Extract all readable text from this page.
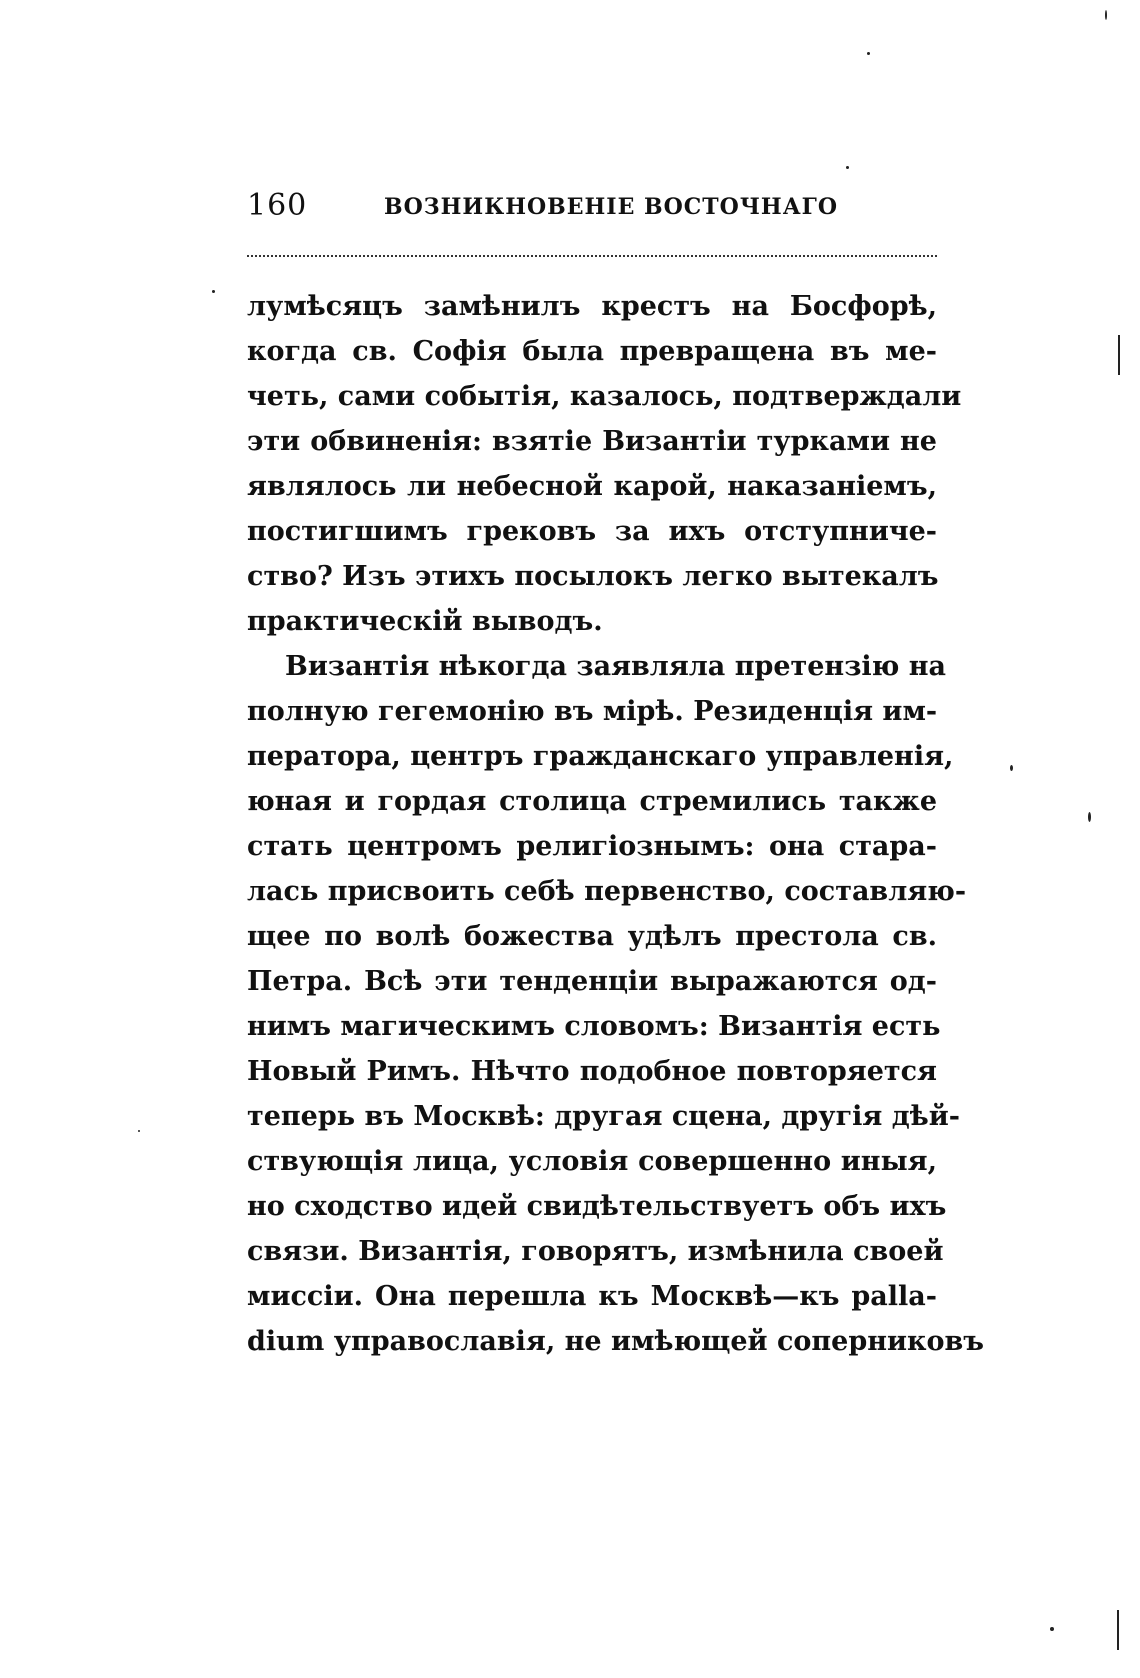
160	ВОЗНИКНОВЕНІЕ ВОСТОЧНАГО
лумѣсяцъ замѣнилъ крестъ на Босфорѣ,
когда св. Софія была превращена въ ме-
четь, сами событія, казалось, подтверждали
эти обвиненія: взятіе Византіи турками не
являлось ли небесной карой, наказаніемъ,
постигшимъ грековъ за ихъ отступниче-
ство? Изъ этихъ посылокъ легко вытекалъ
практическій выводъ.
Византія нѣкогда заявляла претензію на
полную гегемонію въ мірѣ. Резиденція им-
ператора, центръ гражданскаго управленія,
юная и гордая столица стремились также
стать центромъ религіознымъ: она стара-
лась присвоить себѣ первенство, составляю-
щее по волѣ божества удѣлъ престола св.
Петра. Всѣ эти тенденціи выражаются од-
нимъ магическимъ словомъ: Византія есть
Новый Римъ. Нѣчто подобное повторяется
теперь въ Москвѣ: другая сцена, другія дѣй-
ствующія лица, условія совершенно иныя,
но сходство идей свидѣтельствуетъ объ ихъ
связи. Византія, говорятъ, измѣнила своей
миссіи. Она перешла къ Москвѣ—къ palla-
dium управославія, не имѣющей соперниковъ
